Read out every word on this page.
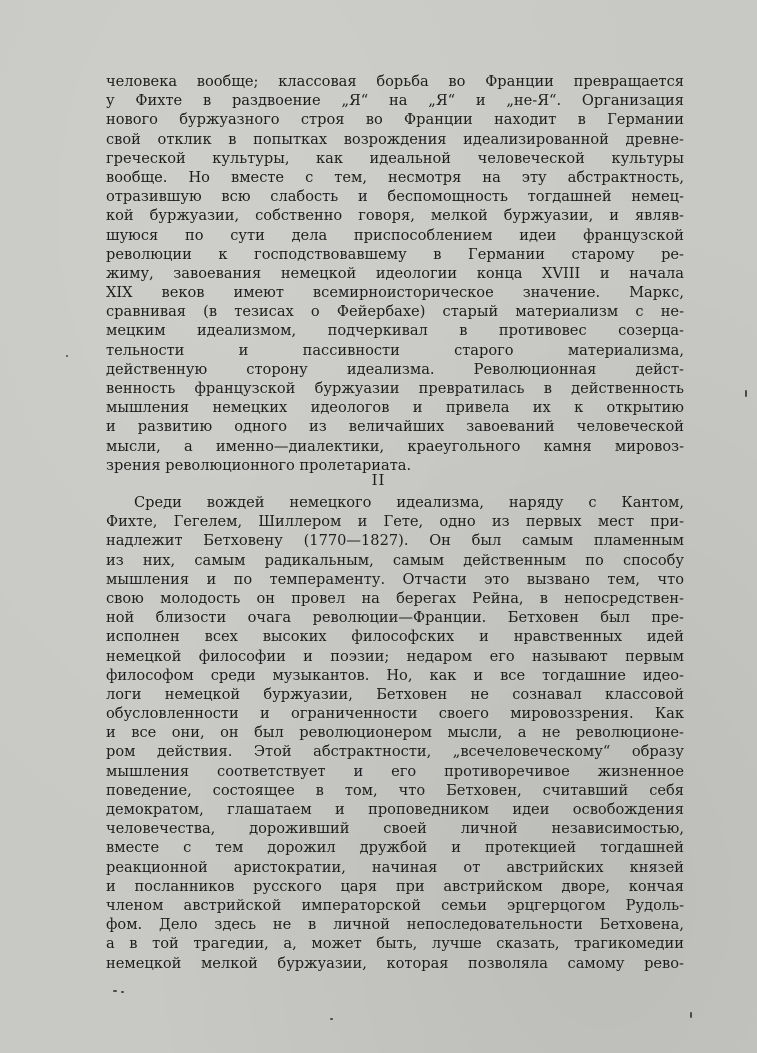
человека вообще; классовая борьба во Франции превращается
у Фихте в раздвоение „Я“ на „Я“ и „не-Я“. Организация
нового буржуазного строя во Франции находит в Германии
свой отклик в попытках возрождения идеализированной древне-
греческой культуры, как идеальной человеческой культуры
вообще. Но вместе с тем, несмотря на эту абстрактность,
отразившую всю слабость и беспомощность тогдашней немец-
кой буржуазии, собственно говоря, мелкой буржуазии, и являв-
шуюся по сути дела приспособлением идеи французской
революции к господствовавшему в Германии старому ре-
жиму, завоевания немецкой идеологии конца XVIII и начала
XIX веков имеют всемирноисторическое значение. Маркс,
сравнивая (в тезисах о Фейербахе) старый материализм с не-
мецким идеализмом, подчеркивал в противовес созерца-
тельности и пассивности старого материализма,
действенную сторону идеализма. Революционная дейст-
венность французской буржуазии превратилась в действенность
мышления немецких идеологов и привела их к открытию
и развитию одного из величайших завоеваний человеческой
мысли, а именно—диалектики, краеугольного камня мировоз-
зрения революционного пролетариата.
II
Среди вождей немецкого идеализма, наряду с Кантом,
Фихте, Гегелем, Шиллером и Гете, одно из первых мест при-
надлежит Бетховену (1770—1827). Он был самым пламенным
из них, самым радикальным, самым действенным по способу
мышления и по темпераменту. Отчасти это вызвано тем, что
свою молодость он провел на берегах Рейна, в непосредствен-
ной близости очага революции—Франции. Бетховен был пре-
исполнен всех высоких философских и нравственных идей
немецкой философии и поэзии; недаром его называют первым
философом среди музыкантов. Но, как и все тогдашние идео-
логи немецкой буржуазии, Бетховен не сознавал классовой
обусловленности и ограниченности своего мировоззрения. Как
и все они, он был революционером мысли, а не революционе-
ром действия. Этой абстрактности, „всечеловеческому“ образу
мышления соответствует и его противоречивое жизненное
поведение, состоящее в том, что Бетховен, считавший себя
демократом, глашатаем и проповедником идеи освобождения
человечества, дороживший своей личной независимостью,
вместе с тем дорожил дружбой и протекцией тогдашней
реакционной аристократии, начиная от австрийских князей
и посланников русского царя при австрийском дворе, кончая
членом австрийской императорской семьи эрцгерцогом Рудоль-
фом. Дело здесь не в личной непоследовательности Бетховена,
а в той трагедии, а, может быть, лучше сказать, трагикомедии
немецкой мелкой буржуазии, которая позволяла самому рево-
